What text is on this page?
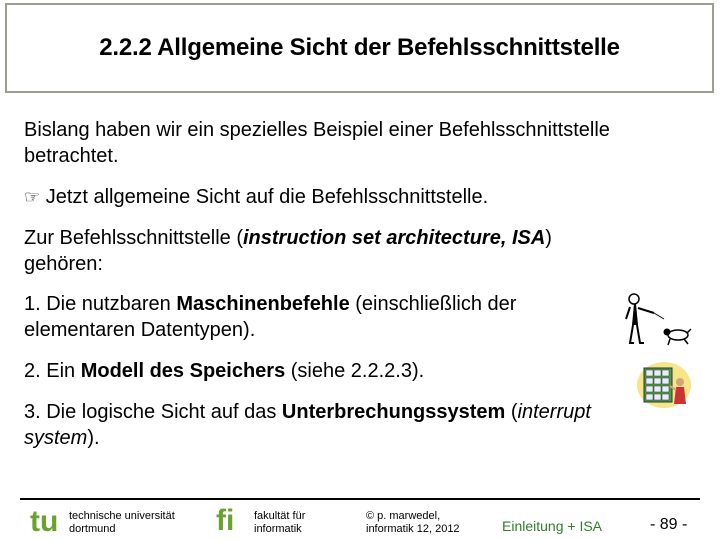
2.2.2 Allgemeine Sicht der Befehlsschnittstelle

Bislang haben wir ein spezielles Beispiel einer Befehlsschnittstelle betrachtet.

☞ Jetzt allgemeine Sicht auf die Befehlsschnittstelle.

Zur Befehlsschnittstelle (instruction set architecture, ISA) gehören:

1. Die nutzbaren Maschinenbefehle (einschließlich der elementaren Datentypen).

2. Ein Modell des Speichers (siehe 2.2.2.3).

3. Die logische Sicht auf das Unterbrechungssystem (interrupt system).

tu technische universität
dortmund	fi fakultät für
informatik
© p. marwedel,
informatik 12, 2012	Einleitung + ISA	- 89 -
